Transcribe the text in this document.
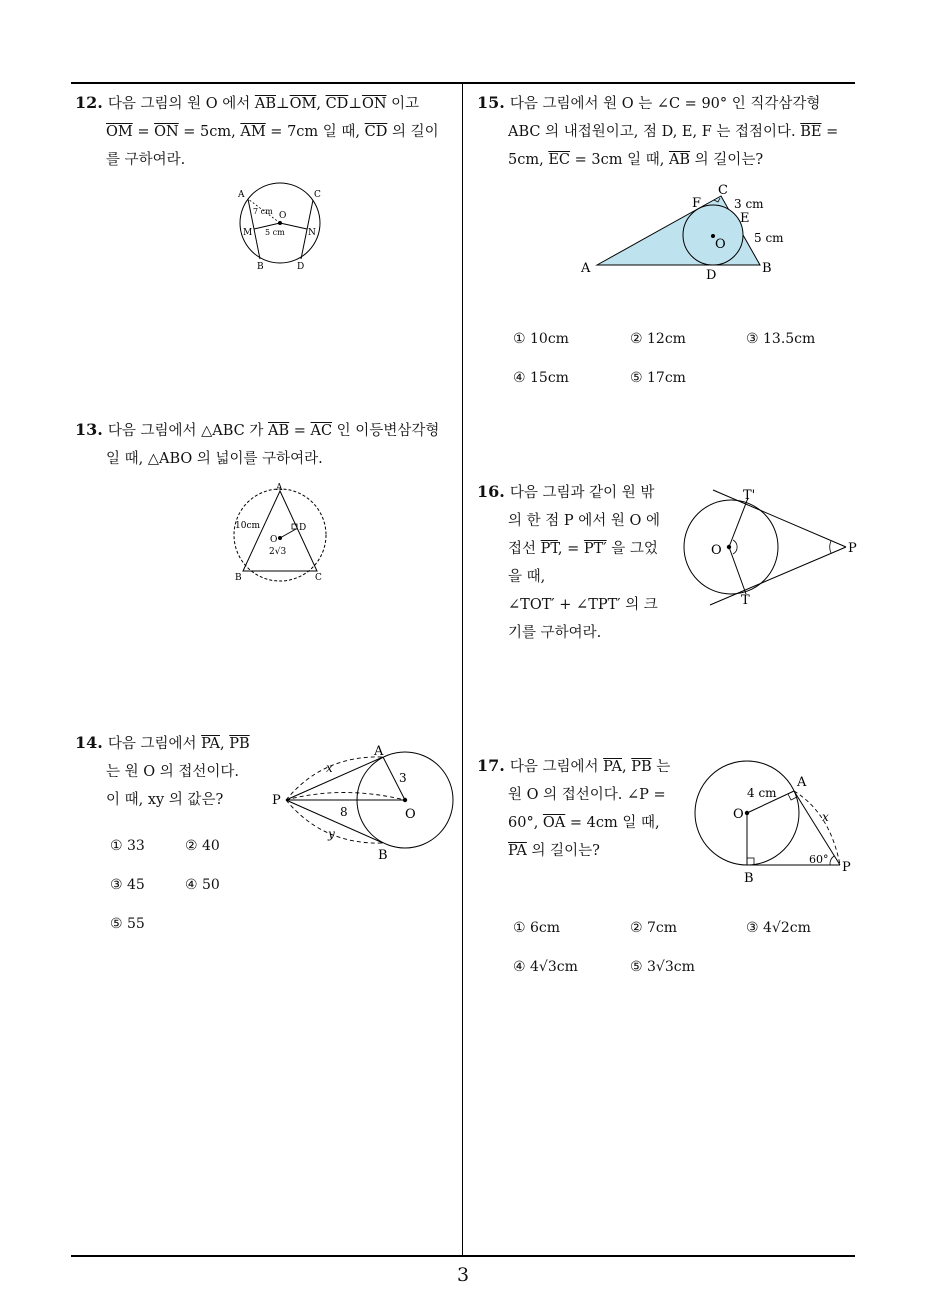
3
12. 다음 그림의 원 O 에서 $\overline{AB}\perp\overline{OM}$, $\overline{CD}\perp\overline{ON}$ 이고
$\overline{OM} = \overline{ON} = 5cm$, $\overline{AM} = 7cm$ 일 때, $\overline{CD}$ 의 길이
를 구하여라.
A	C
M	N
B	D
O
7 cm
5 cm
13. 다음 그림에서 △ABC 가 $\overline{AB} = \overline{AC}$ 인 이등변삼각형
일 때, △ABO 의 넓이를 구하여라.
A
B	C
D
O
10cm
2√3
14. 다음 그림에서 $\overline{PA}$, $\overline{PB}$
는 원 O 의 접선이다.
이 때, xy 의 값은?
① 33	② 40
③ 45	④ 50
⑤ 55
P
A
B
O
x
y
3
8
15. 다음 그림에서 원 O 는 ∠C = 90° 인 직각삼각형
ABC 의 내접원이고, 점 D, E, F 는 접점이다. $\overline{BE}$ =
5cm, $\overline{EC} = 3cm$ 일 때, $\overline{AB}$ 의 길이는?
A	B
C
D
E
F
O
3 cm
5 cm
① 10cm	② 12cm	③ 13.5cm
④ 15cm	⑤ 17cm
16. 다음 그림과 같이 원 밖
의 한 점 P 에서 원 O 에
접선 $\overline{PT}$, = PT′ 을 그었
을 때,
∠TOT′ + ∠TPT′ 의 크
기를 구하여라.
T'
T
O	P
17. 다음 그림에서 $\overline{PA}$, $\overline{PB}$ 는
원 O 의 접선이다. ∠P =
60°, $\overline{OA} = 4cm$ 일 때,
$\overline{PA}$ 의 길이는?
A
B
O
P
x
4 cm
60°
① 6cm	② 7cm	③ 4√2cm
④ 4√3cm	⑤ 3√3cm
